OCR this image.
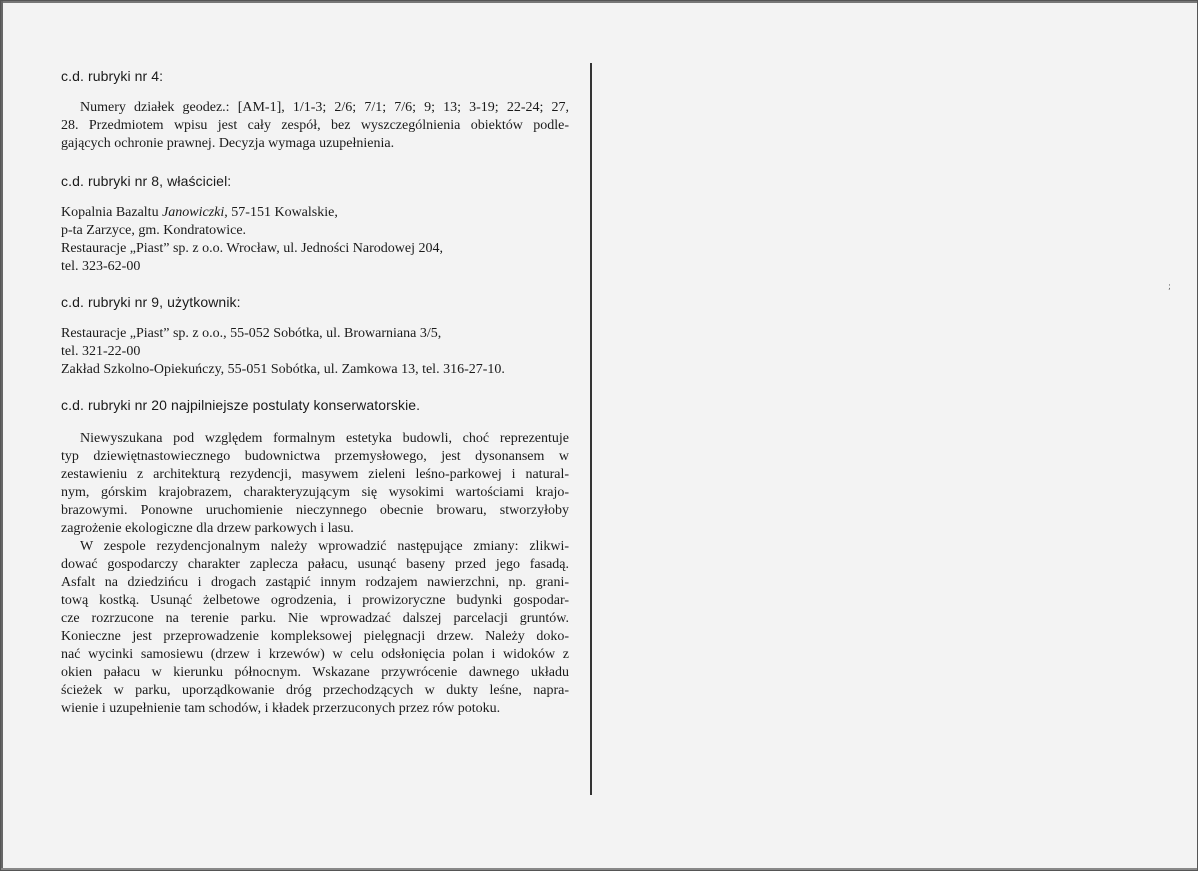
;

c.d. rubryki nr 4:

Numery działek geodez.: [AM-1], 1/1-3; 2/6; 7/1; 7/6; 9; 13; 3-19; 22-24; 27,
28. Przedmiotem wpisu jest cały zespół, bez wyszczególnienia obiektów podle-
gających ochronie prawnej. Decyzja wymaga uzupełnienia.

c.d. rubryki nr 8, właściciel:

Kopalnia Bazaltu Janowiczki, 57-151 Kowalskie,
p-ta Zarzyce, gm. Kondratowice.
Restauracje „Piast” sp. z o.o. Wrocław, ul. Jedności Narodowej 204,
tel. 323-62-00

c.d. rubryki nr 9, użytkownik:

Restauracje „Piast” sp. z o.o., 55-052 Sobótka, ul. Browarniana 3/5,
tel. 321-22-00
Zakład Szkolno-Opiekuńczy, 55-051 Sobótka, ul. Zamkowa 13, tel. 316-27-10.

c.d. rubryki nr 20 najpilniejsze postulaty konserwatorskie.

Niewyszukana pod względem formalnym estetyka budowli, choć reprezentuje
typ dziewiętnastowiecznego budownictwa przemysłowego, jest dysonansem w
zestawieniu z architekturą rezydencji, masywem zieleni leśno-parkowej i natural-
nym, górskim krajobrazem, charakteryzującym się wysokimi wartościami krajo-
brazowymi. Ponowne uruchomienie nieczynnego obecnie browaru, stworzyłoby
zagrożenie ekologiczne dla drzew parkowych i lasu.

W zespole rezydencjonalnym należy wprowadzić następujące zmiany: zlikwi-
dować gospodarczy charakter zaplecza pałacu, usunąć baseny przed jego fasadą.
Asfalt na dziedzińcu i drogach zastąpić innym rodzajem nawierzchni, np. grani-
tową kostką. Usunąć żelbetowe ogrodzenia, i prowizoryczne budynki gospodar-
cze rozrzucone na terenie parku. Nie wprowadzać dalszej parcelacji gruntów.
Konieczne jest przeprowadzenie kompleksowej pielęgnacji drzew. Należy doko-
nać wycinki samosiewu (drzew i krzewów) w celu odsłonięcia polan i widoków z
okien pałacu w kierunku północnym. Wskazane przywrócenie dawnego układu
ścieżek w parku, uporządkowanie dróg przechodzących w dukty leśne, napra-
wienie i uzupełnienie tam schodów, i kładek przerzuconych przez rów potoku.
